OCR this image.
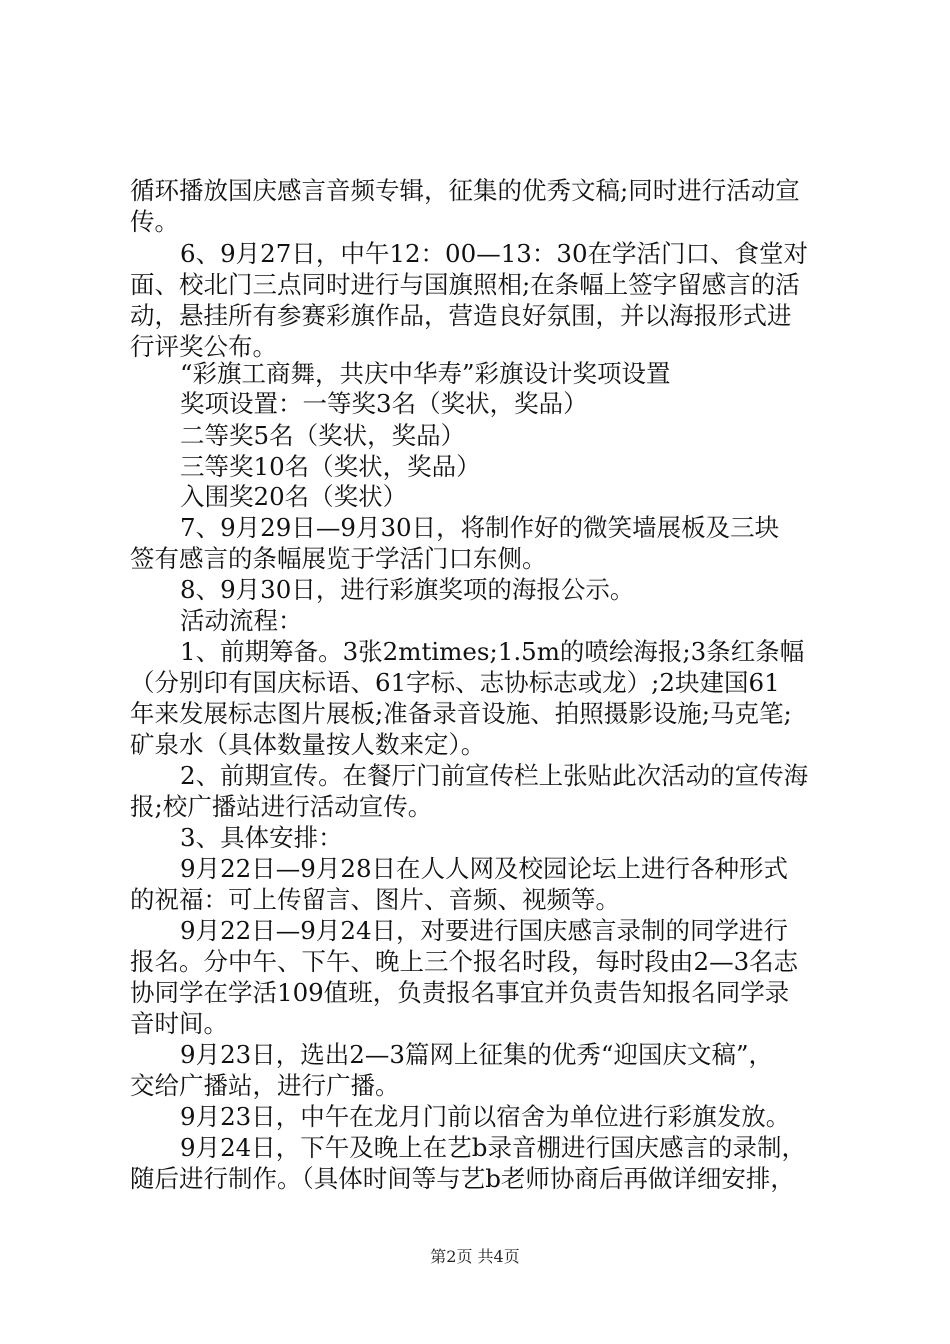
循环播放国庆感言音频专辑，征集的优秀文稿;同时进行活动宣
传。
6、9月27日，中午12：00—13：30在学活门口、食堂对
面、校北门三点同时进行与国旗照相;在条幅上签字留感言的活
动，悬挂所有参赛彩旗作品，营造良好氛围，并以海报形式进
行评奖公布。
“彩旗工商舞，共庆中华寿”彩旗设计奖项设置
奖项设置：一等奖3名（奖状，奖品）
二等奖5名（奖状，奖品）
三等奖10名（奖状，奖品）
入围奖20名（奖状）
7、9月29日—9月30日，将制作好的微笑墙展板及三块
签有感言的条幅展览于学活门口东侧。
8、9月30日，进行彩旗奖项的海报公示。
活动流程：
1、前期筹备。3张2mtimes;1.5m的喷绘海报;3条红条幅
（分别印有国庆标语、61字标、志协标志或龙）;2块建国61
年来发展标志图片展板;准备录音设施、拍照摄影设施;马克笔;
矿泉水（具体数量按人数来定）。
2、前期宣传。在餐厅门前宣传栏上张贴此次活动的宣传海
报;校广播站进行活动宣传。
3、具体安排：
9月22日—9月28日在人人网及校园论坛上进行各种形式
的祝福：可上传留言、图片、音频、视频等。
9月22日—9月24日，对要进行国庆感言录制的同学进行
报名。分中午、下午、晚上三个报名时段，每时段由2—3名志
协同学在学活109值班，负责报名事宜并负责告知报名同学录
音时间。
9月23日，选出2—3篇网上征集的优秀“迎国庆文稿”，
交给广播站，进行广播。
9月23日，中午在龙月门前以宿舍为单位进行彩旗发放。
9月24日，下午及晚上在艺b录音棚进行国庆感言的录制，
随后进行制作。（具体时间等与艺b老师协商后再做详细安排，
第2页 共4页
